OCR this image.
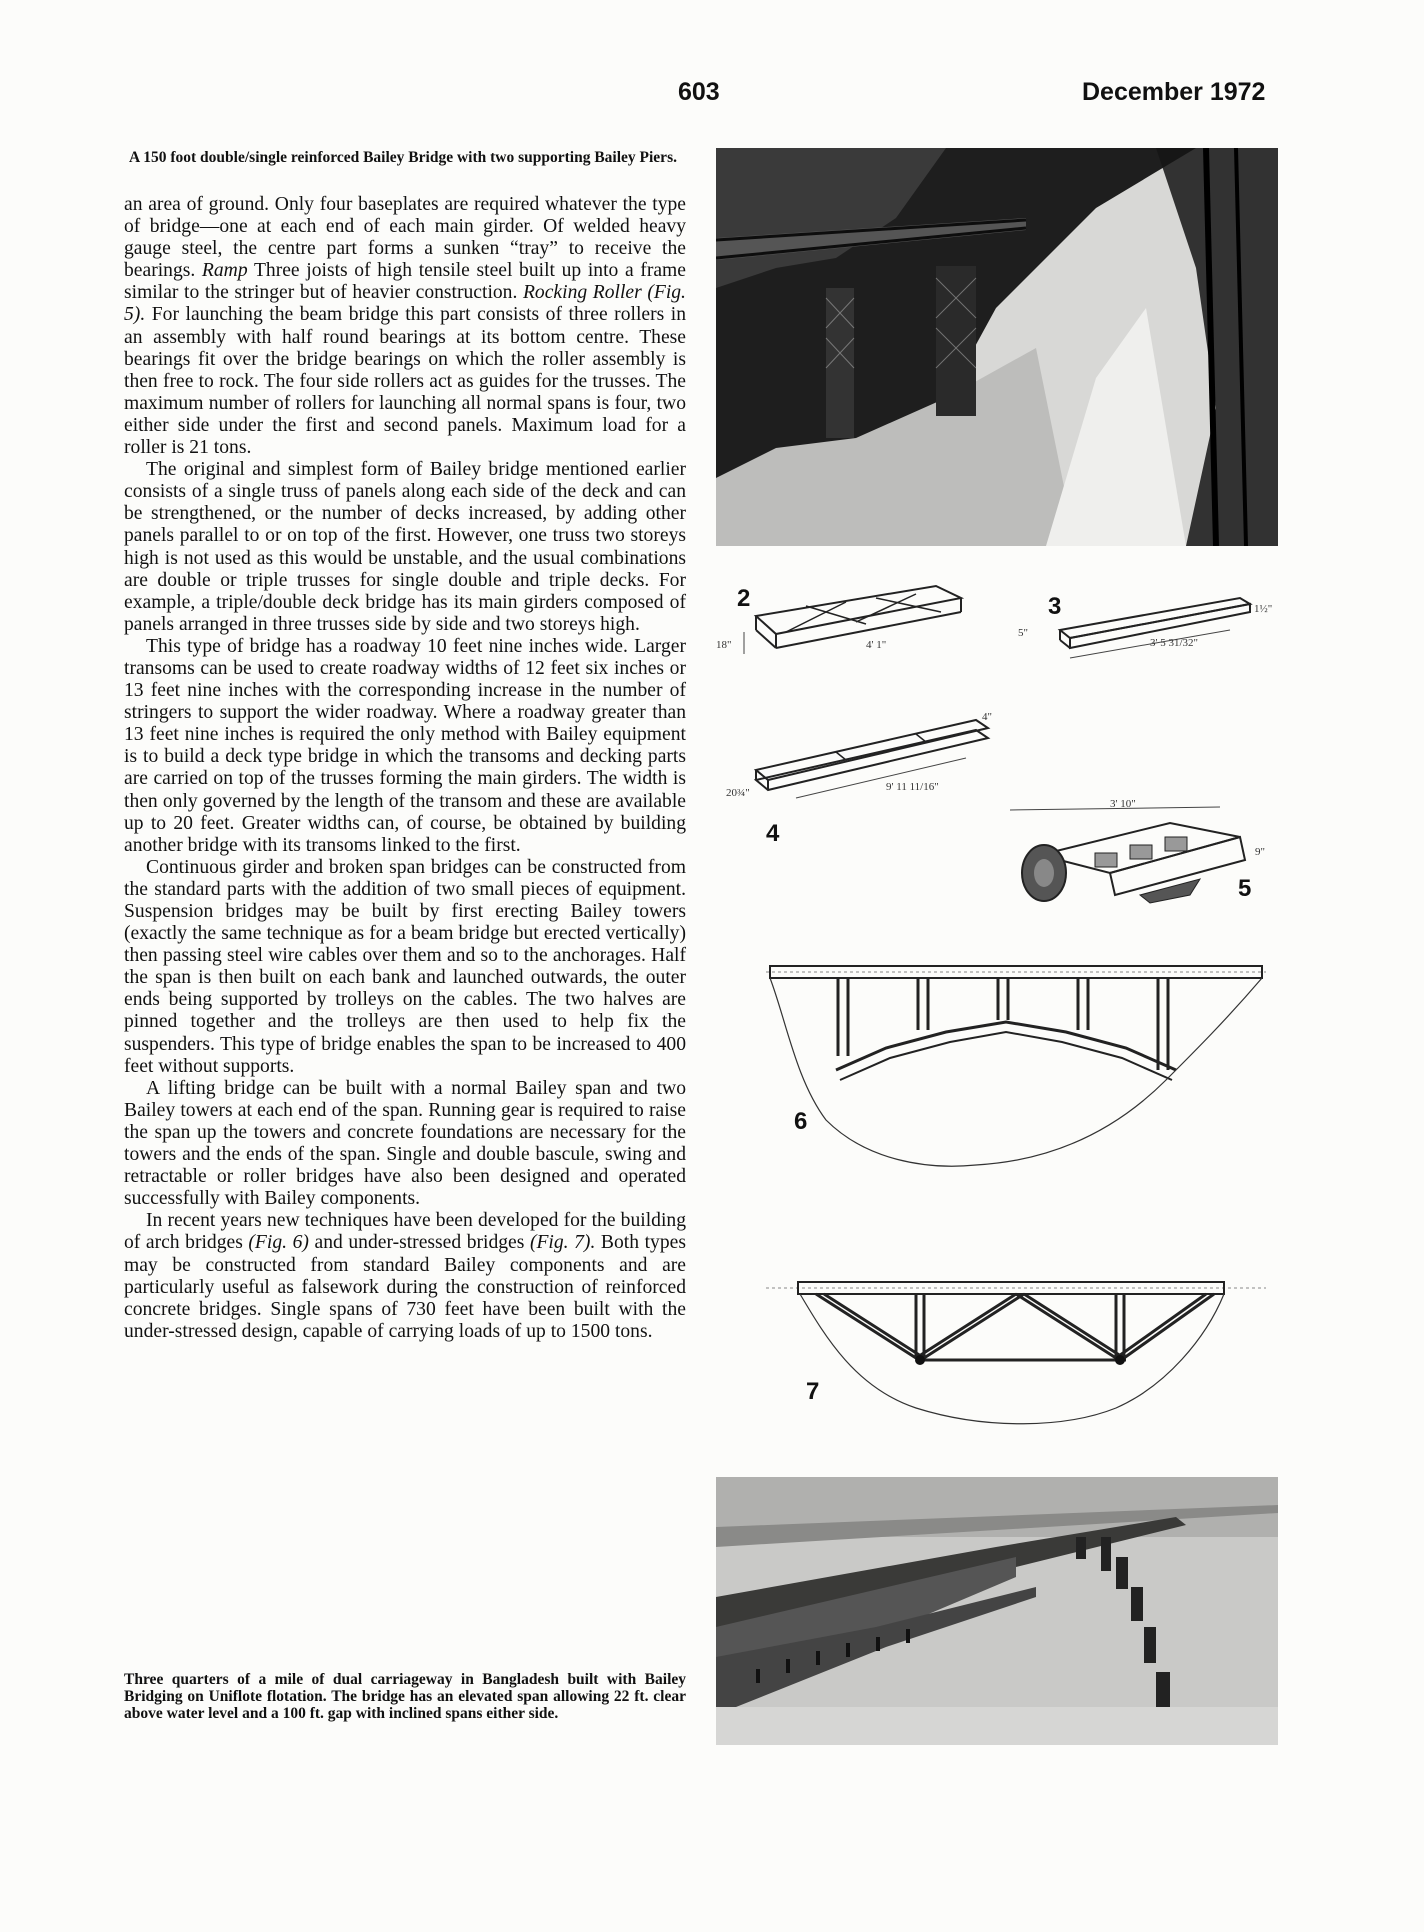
603	December 1972
A 150 foot double/single reinforced Bailey Bridge with two supporting Bailey Piers.

an area of ground. Only four baseplates are required whatever the type of bridge—one at each end of each main girder. Of welded heavy gauge steel, the centre part forms a sunken “tray” to receive the bearings. Ramp Three joists of high tensile steel built up into a frame similar to the stringer but of heavier construction. Rocking Roller (Fig. 5). For launching the beam bridge this part consists of three rollers in an assembly with half round bearings at its bottom centre. These bearings fit over the bridge bearings on which the roller assembly is then free to rock. The four side rollers act as guides for the trusses. The maximum number of rollers for launching all normal spans is four, two either side under the first and second panels. Maximum load for a roller is 21 tons.

The original and simplest form of Bailey bridge mentioned earlier consists of a single truss of panels along each side of the deck and can be strengthened, or the number of decks increased, by adding other panels parallel to or on top of the first. However, one truss two storeys high is not used as this would be unstable, and the usual combinations are double or triple trusses for single double and triple decks. For example, a triple/double deck bridge has its main girders composed of panels arranged in three trusses side by side and two storeys high.

This type of bridge has a roadway 10 feet nine inches wide. Larger transoms can be used to create roadway widths of 12 feet six inches or 13 feet nine inches with the corresponding increase in the number of stringers to support the wider roadway. Where a roadway greater than 13 feet nine inches is required the only method with Bailey equipment is to build a deck type bridge in which the transoms and decking parts are carried on top of the trusses forming the main girders. The width is then only governed by the length of the transom and these are available up to 20 feet. Greater widths can, of course, be obtained by building another bridge with its transoms linked to the first.

Continuous girder and broken span bridges can be constructed from the standard parts with the addition of two small pieces of equipment. Suspension bridges may be built by first erecting Bailey towers (exactly the same technique as for a beam bridge but erected vertically) then passing steel wire cables over them and so to the anchorages. Half the span is then built on each bank and launched outwards, the outer ends being supported by trolleys on the cables. The two halves are pinned together and the trolleys are then used to help fix the suspenders. This type of bridge enables the span to be increased to 400 feet without supports.

A lifting bridge can be built with a normal Bailey span and two Bailey towers at each end of the span. Running gear is required to raise the span up the towers and concrete foundations are necessary for the towers and the ends of the span. Single and double bascule, swing and retractable or roller bridges have also been designed and operated successfully with Bailey components.

In recent years new techniques have been developed for the building of arch bridges (Fig. 6) and under-stressed bridges (Fig. 7). Both types may be constructed from standard Bailey components and are particularly useful as falsework during the construction of reinforced concrete bridges. Single spans of 730 feet have been built with the under-stressed design, capable of carrying loads of up to 1500 tons.

Three quarters of a mile of dual carriageway in Bangladesh built with Bailey Bridging on Uniflote flotation. The bridge has an elevated span allowing 22 ft. clear above water level and a 100 ft. gap with inclined spans either side.
18"	4' 1"
2
5"
3' 5 31/32"
1½"
3
20¾"	9' 11 11/16"
4"
4
3' 10"
9"
5
6
7
